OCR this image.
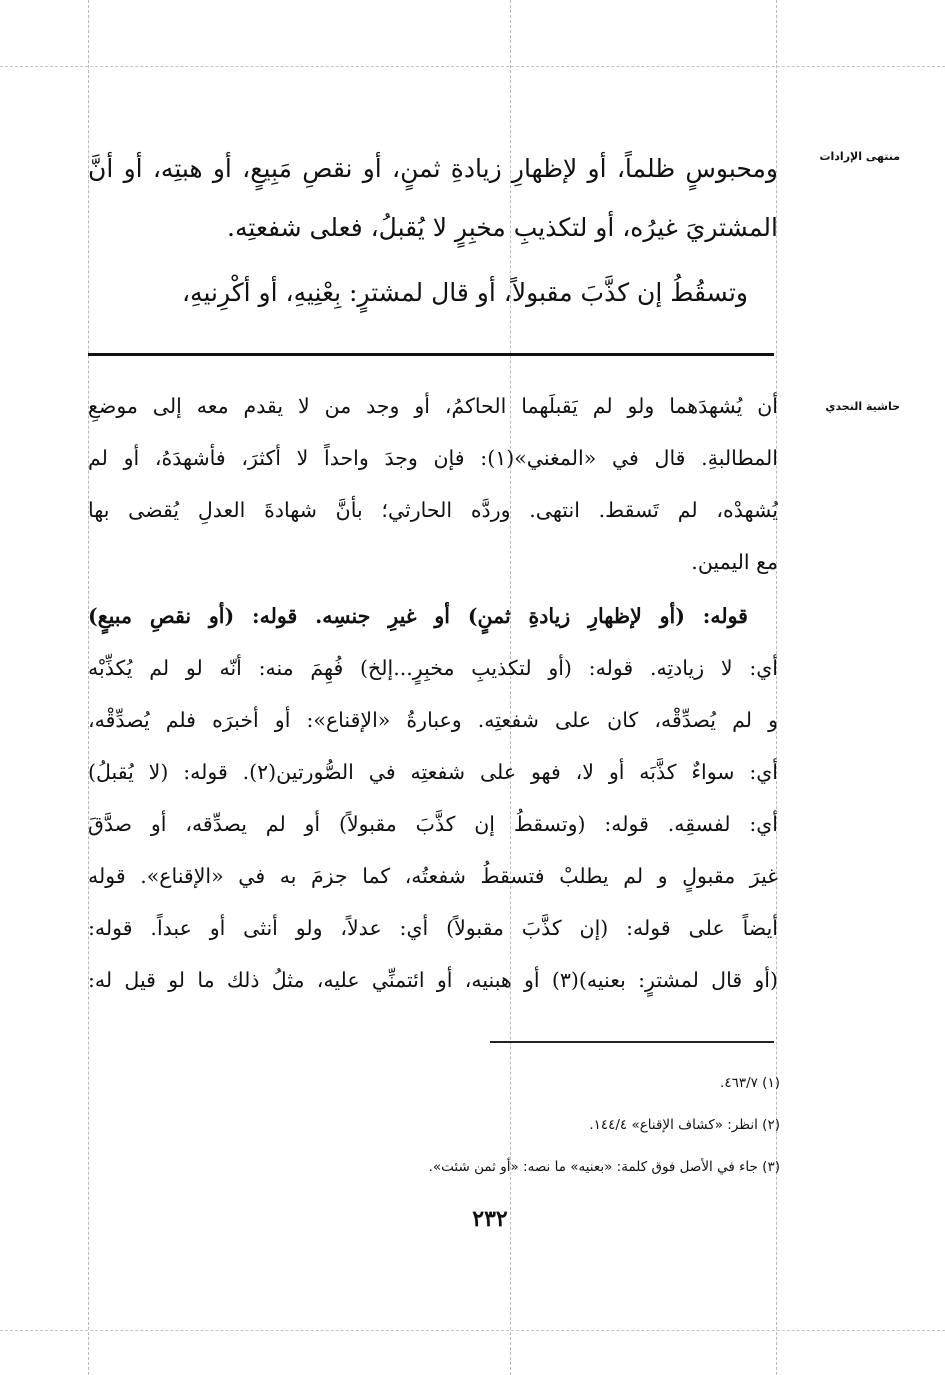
منتهى الإرادات
حاشية النجدي
ومحبوسٍ ظلماً، أو لإظهارِ زيادةِ ثمنٍ، أو نقصِ مَبِيعٍ، أو هبتِه، أو أنَّ
المشتريَ غيرُه، أو لتكذيبِ مخبِرٍ لا يُقبلُ، فعلى شفعتِه.
وتسقُطُ إن كذَّبَ مقبولاً، أو قال لمشترٍ: بِعْنِيهِ، أو أكْرِنيهِ،
أن يُشهدَهما ولو لم يَقبلَهما الحاكمُ، أو وجد من لا يقدم معه إلى موضعِ
المطالبةِ. قال في «المغني»(١): فإن وجدَ واحداً لا أكثرَ، فأشهدَهُ، أو لم
يُشهدْه، لم تَسقط. انتهى. وردَّه الحارثي؛ بأنَّ شهادةَ العدلِ يُقضى بها
مع اليمين.
قوله: (أو لإظهارِ زيادةِ ثمنٍ) أو غيرِ جنسِه. قوله: (أو نقصِ مبيعٍ)
أي: لا زيادتِه. قوله: (أو لتكذيبِ مخبِرٍ...إلخ) فُهِمَ منه: أنّه لو لم يُكذِّبْه
و لم يُصدِّقْه، كان على شفعتِه. وعبارةُ «الإقناع»: أو أخبرَه فلم يُصدِّقْه،
أي: سواءٌ كذَّبَه أو لا، فهو على شفعتِه في الصُّورتين(٢). قوله: (لا يُقبلُ)
أي: لفسقِه. قوله: (وتسقطُ إن كذَّبَ مقبولاً) أو لم يصدِّقه، أو صدَّقَ
غيرَ مقبولٍ و لم يطلبْ فتسقطُ شفعتُه، كما جزمَ به في «الإقناع». قوله
أيضاً على قوله: (إن كذَّبَ مقبولاً) أي: عدلاً، ولو أنثى أو عبداً. قوله:
(أو قال لمشترٍ: بعنيه)(٣) أو هبنيه، أو ائتمنِّي عليه، مثلُ ذلك ما لو قيل له:
(١) ٤٦٣/٧.
(٢) انظر: «كشاف الإقناع» ١٤٤/٤.
(٣) جاء في الأصل فوق كلمة: «بعنيه» ما نصه: «أو ثمن شئت».
٢٣٢
